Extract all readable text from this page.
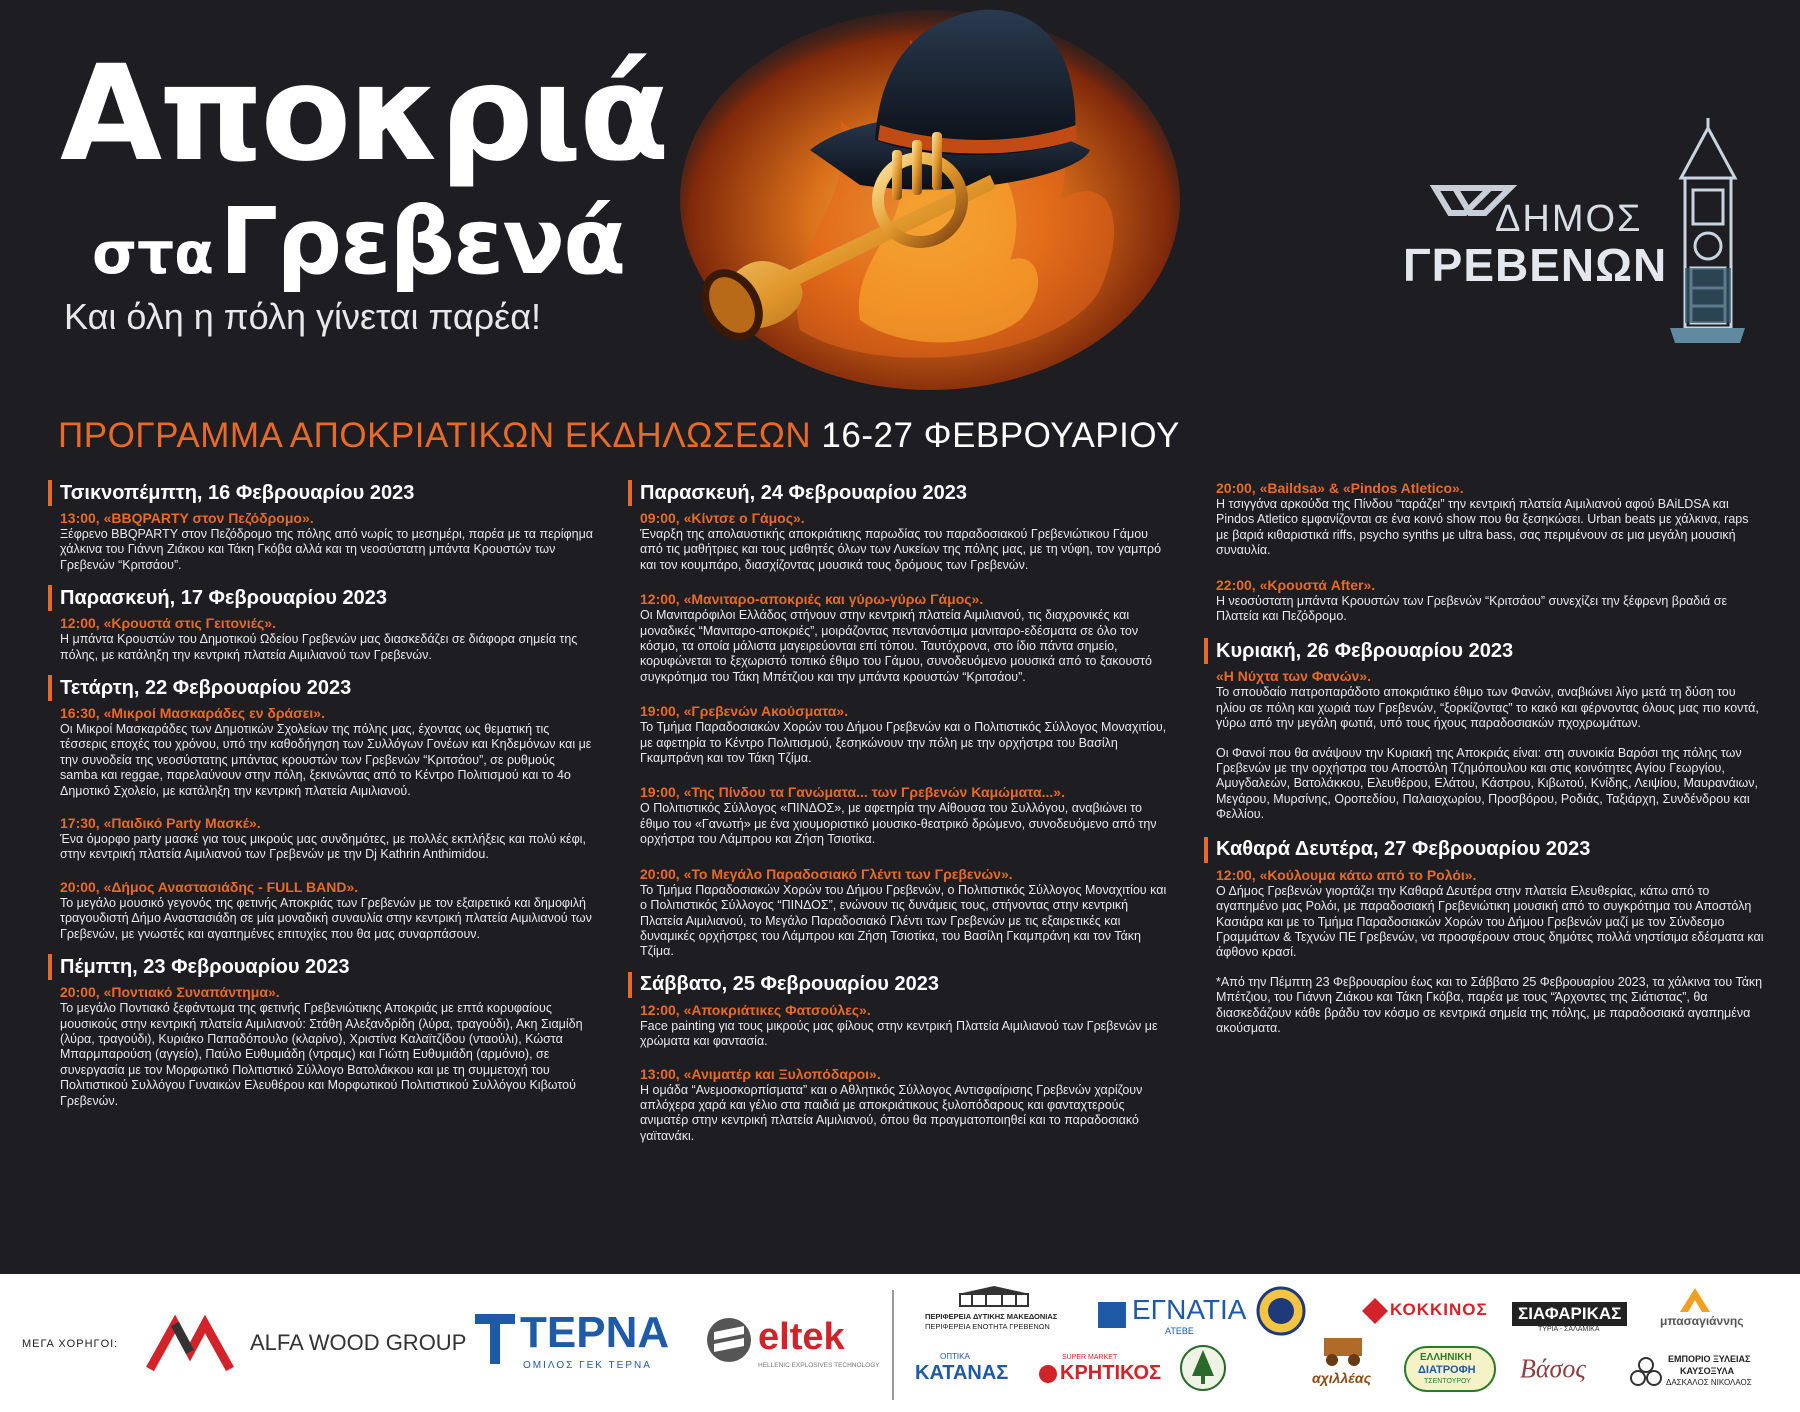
Αποκριά
στα Γρεβενά
Και όλη η πόλη γίνεται παρέα!
ΔΗΜΟΣ
ΓΡΕΒΕΝΩΝ
ΠΡΟΓΡΑΜΜΑ ΑΠΟΚΡΙΑΤΙΚΩΝ ΕΚΔΗΛΩΣΕΩΝ 16-27 ΦΕΒΡΟΥΑΡΙΟΥ
Τσικνοπέμπτη, 16 Φεβρουαρίου 2023
13:00, «BBQPARTY στον Πεζόδρομο».

Ξέφρενο BBQPARTY στον Πεζόδρομο της πόλης από νωρίς το μεσημέρι, παρέα με τα περίφημα χάλκινα του Γιάννη Ζιάκου και Τάκη Γκόβα αλλά και τη νεοσύστατη μπάντα Κρουστών των Γρεβενών “Κριτσάου”.

Παρασκευή, 17 Φεβρουαρίου 2023
12:00, «Κρουστά στις Γειτονιές».

Η μπάντα Κρουστών του Δημοτικού Ωδείου Γρεβενών μας διασκεδάζει σε διάφορα σημεία της πόλης, με κατάληξη την κεντρική πλατεία Αιμιλιανού των Γρεβενών.

Τετάρτη, 22 Φεβρουαρίου 2023
16:30, «Μικροί Μασκαράδες εν δράσει».

Οι Μικροί Μασκαράδες των Δημοτικών Σχολείων της πόλης μας, έχοντας ως θεματική τις τέσσερις εποχές του χρόνου, υπό την καθοδήγηση των Συλλόγων Γονέων και Κηδεμόνων και με την συνοδεία της νεοσύστατης μπάντας κρουστών των Γρεβενών “Κριτσάου”, σε ρυθμούς samba και reggae, παρελαύνουν στην πόλη, ξεκινώντας από το Κέντρο Πολιτισμού και το 4ο Δημοτικό Σχολείο, με κατάληξη την κεντρική πλατεία Αιμιλιανού.

17:30, «Παιδικό Party Μασκέ».

Ένα όμορφο party μασκέ για τους μικρούς μας συνδημότες, με πολλές εκπλήξεις και πολύ κέφι, στην κεντρική πλατεία Αιμιλιανού των Γρεβενών με την Dj Kathrin Anthimidou.

20:00, «Δήμος Αναστασιάδης - FULL BAND».

Το μεγάλο μουσικό γεγονός της φετινής Αποκριάς των Γρεβενών με τον εξαιρετικό και δημοφιλή τραγουδιστή Δήμο Αναστασιάδη σε μία μοναδική συναυλία στην κεντρική πλατεία Αιμιλιανού των Γρεβενών, με γνωστές και αγαπημένες επιτυχίες που θα μας συναρπάσουν.

Πέμπτη, 23 Φεβρουαρίου 2023
20:00, «Ποντιακό Συναπάντημα».

Το μεγάλο Ποντιακό ξεφάντωμα της φετινής Γρεβενιώτικης Αποκριάς με επτά κορυφαίους μουσικούς στην κεντρική πλατεία Αιμιλιανού: Στάθη Αλεξανδρίδη (λύρα, τραγούδι), Ακη Σιαμίδη (λύρα, τραγούδι), Κυριάκο Παπαδόπουλο (κλαρίνο), Χριστίνα Καλαϊτζίδου (νταούλι), Κώστα Μπαρμπαρούση (αγγείο), Παύλο Ευθυμιάδη (ντραμς) και Γιώτη Ευθυμιάδη (αρμόνιο), σε συνεργασία με τον Μορφωτικό Πολιτιστικό Σύλλογο Βατολάκκου και με τη συμμετοχή του Πολιτιστικού Συλλόγου Γυναικών Ελευθέρου και Μορφωτικού Πολιτιστικού Συλλόγου Κιβωτού Γρεβενών.

Παρασκευή, 24 Φεβρουαρίου 2023
09:00, «Κίντσε ο Γάμος».

Έναρξη της απολαυστικής αποκριάτικης παρωδίας του παραδοσιακού Γρεβενιώτικου Γάμου από τις μαθήτριες και τους μαθητές όλων των Λυκείων της πόλης μας, με τη νύφη, τον γαμπρό και τον κουμπάρο, διασχίζοντας μουσικά τους δρόμους των Γρεβενών.

12:00, «Μανιταρο-αποκριές και γύρω-γύρω Γάμος».

Οι Μανιταρόφιλοι Ελλάδος στήνουν στην κεντρική πλατεία Αιμιλιανού, τις διαχρονικές και μοναδικές “Μανιταρο-αποκριές”, μοιράζοντας πεντανόστιμα μανιταρο-εδέσματα σε όλο τον κόσμο, τα οποία μάλιστα μαγειρεύονται επί τόπου. Ταυτόχρονα, στο ίδιο πάντα σημείο, κορυφώνεται το ξεχωριστό τοπικό έθιμο του Γάμου, συνοδευόμενο μουσικά από το ξακουστό συγκρότημα του Τάκη Μπέτζιου και την μπάντα κρουστών “Κριτσάου”.

19:00, «Γρεβενών Ακούσματα».

Το Τμήμα Παραδοσιακών Χορών του Δήμου Γρεβενών και ο Πολιτιστικός Σύλλογος Μοναχιτίου, με αφετηρία το Κέντρο Πολιτισμού, ξεσηκώνουν την πόλη με την ορχήστρα του Βασίλη Γκαμπράνη και τον Τάκη Τζίμα.

19:00, «Της Πίνδου τα Γανώματα... των Γρεβενών Καμώματα...».

Ο Πολιτιστικός Σύλλογος «ΠΙΝΔΟΣ», με αφετηρία την Αίθουσα του Συλλόγου, αναβιώνει το έθιμο του «Γανωτή» με ένα χιουμοριστικό μουσικο-θεατρικό δρώμενο, συνοδευόμενο από την ορχήστρα του Λάμπρου και Ζήση Τσιοτίκα.

20:00, «Το Μεγάλο Παραδοσιακό Γλέντι των Γρεβενών».

Το Τμήμα Παραδοσιακών Χορών του Δήμου Γρεβενών, ο Πολιτιστικός Σύλλογος Μοναχιτίου και ο Πολιτιστικός Σύλλογος “ΠΙΝΔΟΣ”, ενώνουν τις δυνάμεις τους, στήνοντας στην κεντρική Πλατεία Αιμιλιανού, το Μεγάλο Παραδοσιακό Γλέντι των Γρεβενών με τις εξαιρετικές και δυναμικές ορχήστρες του Λάμπρου και Ζήση Τσιοτίκα, του Βασίλη Γκαμπράνη και τον Τάκη Τζίμα.

Σάββατο, 25 Φεβρουαρίου 2023
12:00, «Αποκριάτικες Φατσούλες».

Face painting για τους μικρούς μας φίλους στην κεντρική Πλατεία Αιμιλιανού των Γρεβενών με χρώματα και φαντασία.

13:00, «Ανιματέρ και Ξυλοπόδαροι».

Η ομάδα “Ανεμοσκορπίσματα” και ο Αθλητικός Σύλλογος Αντισφαίρισης Γρεβενών χαρίζουν απλόχερα χαρά και γέλιο στα παιδιά με αποκριάτικους ξυλοπόδαρους και φανταχτερούς ανιματέρ στην κεντρική πλατεία Αιμιλιανού, όπου θα πραγματοποιηθεί και το παραδοσιακό γαϊτανάκι.

20:00, «Baildsa» & «Pindos Atletico».

Η τσιγγάνα αρκούδα της Πίνδου “ταράζει” την κεντρική πλατεία Αιμιλιανού αφού BAiLDSA και Pindos Atletico εμφανίζονται σε ένα κοινό show που θα ξεσηκώσει. Urban beats με χάλκινα, raps με βαριά κιθαριστικά riffs, psycho synths με ultra bass, σας περιμένουν σε μια μεγάλη μουσική συναυλία.

22:00, «Κρουστά After».

Η νεοσύστατη μπάντα Κρουστών των Γρεβενών “Κριτσάου” συνεχίζει την ξέφρενη βραδιά σε Πλατεία και Πεζόδρομο.

Κυριακή, 26 Φεβρουαρίου 2023
«Η Νύχτα των Φανών».

Το σπουδαίο πατροπαράδοτο αποκριάτικο έθιμο των Φανών, αναβιώνει λίγο μετά τη δύση του ηλίου σε πόλη και χωριά των Γρεβενών, “ξορκίζοντας” το κακό και φέρνοντας όλους μας πιο κοντά, γύρω από την μεγάλη φωτιά, υπό τους ήχους παραδοσιακών πχοχρωμάτων.

Οι Φανοί που θα ανάψουν την Κυριακή της Αποκριάς είναι: στη συνοικία Βαρόσι της πόλης των Γρεβενών με την ορχήστρα του Αποστόλη Τζημόπουλου και στις κοινότητες Αγίου Γεωργίου, Αμυγδαλεών, Βατολάκκου, Ελευθέρου, Ελάτου, Κάστρου, Κιβωτού, Κνίδης, Λειψίου, Μαυρανάιων, Μεγάρου, Μυρσίνης, Οροπεδίου, Παλαιοχωρίου, Προσβόρου, Ροδιάς, Ταξιάρχη, Συνδένδρου και Φελλίου.

Καθαρά Δευτέρα, 27 Φεβρουαρίου 2023
12:00, «Κούλουμα κάτω από το Ρολόι».

Ο Δήμος Γρεβενών γιορτάζει την Καθαρά Δευτέρα στην πλατεία Ελευθερίας, κάτω από το αγαπημένο μας Ρολόι, με παραδοσιακή Γρεβενιώτικη μουσική από το συγκρότημα του Αποστόλη Κασιάρα και με το Τμήμα Παραδοσιακών Χορών του Δήμου Γρεβενών μαζί με τον Σύνδεσμο Γραμμάτων & Τεχνών ΠΕ Γρεβενών, να προσφέρουν στους δημότες πολλά νηστίσιμα εδέσματα και άφθονο κρασί.

*Από την Πέμπτη 23 Φεβρουαρίου έως και το Σάββατο 25 Φεβρουαρίου 2023, τα χάλκινα του Τάκη Μπέτζιου, του Γιάννη Ζιάκου και Τάκη Γκόβα, παρέα με τους “Άρχοντες της Σιάτιστας”, θα διασκεδάζουν κάθε βράδυ τον κόσμο σε κεντρικά σημεία της πόλης, με παραδοσιακά αγαπημένα ακούσματα.

ΜΕΓΑ ΧΟΡΗΓΟΙ:	ALFA WOOD GROUP ΤΕΡΝΑ
ΟΜΙΛΟΣ ΓΕΚ ΤΕΡΝΑ
eltek
HELLENIC EXPLOSIVES TECHNOLOGY
ΠΕΡΙΦΕΡΕΙΑ ΔΥΤΙΚΗΣ ΜΑΚΕΔΟΝΙΑΣ
ΠΕΡΙΦΕΡΕΙΑ ΕΝΟΤΗΤΑ ΓΡΕΒΕΝΩΝ
ΕΓΝΑΤΙΑ
ΑΤΕΒΕ
ΚΟΚΚΙΝΟΣ	ΣΙΑΦΑΡΙΚΑΣ
ΤΥΡΙΑ - ΣΑΛΑΜΙΚΑ
μπασαγιάννης
ΟΠΤΙΚΑ
ΚΑΤΑΝΑΣ
SUPER MARKET
ΚΡΗΤΙΚΟΣ	αχιλλέας
ΕΛΛΗΝΙΚΗ
ΔΙΑΤΡΟΦΗ
ΤΣΕΝΤΟΥΡΟΥ Βάσος	ΕΜΠΟΡΙΟ ΞΥΛΕΙΑΣ
ΚΑΥΣΟΞΥΛΑ
ΔΑΣΚΑΛΟΣ ΝΙΚΟΛΑΟΣ
